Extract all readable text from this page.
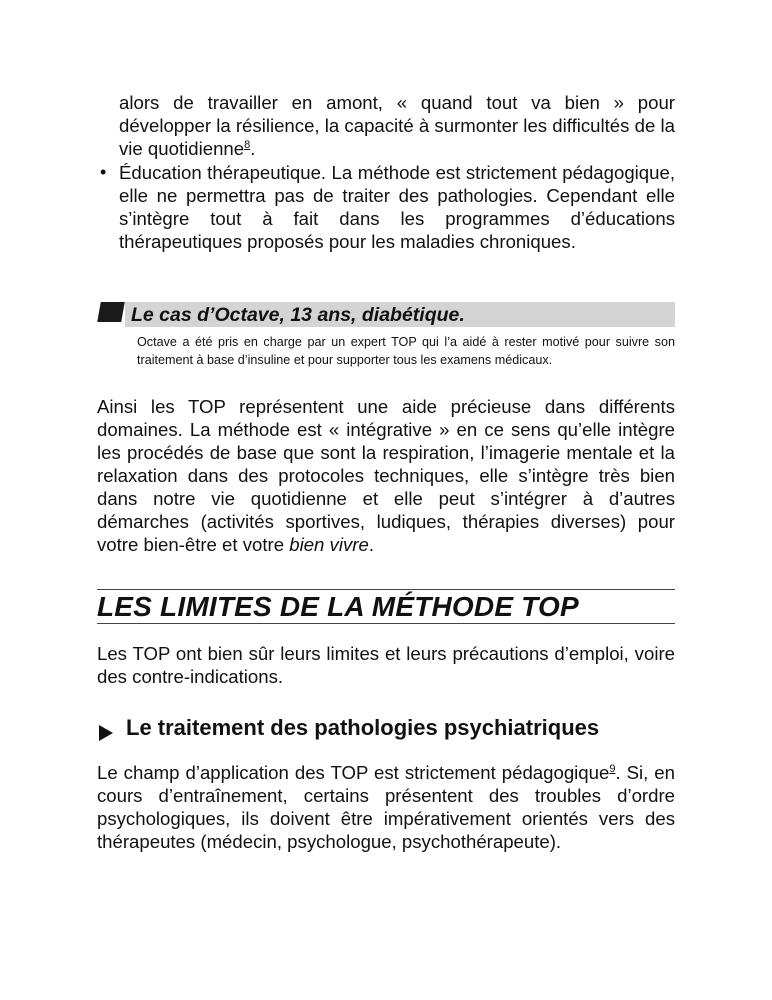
alors de travailler en amont, « quand tout va bien » pour développer la résilience, la capacité à surmonter les difficultés de la vie quotidienne$^8$.

• Éducation thérapeutique. La méthode est strictement pédagogique, elle ne permettra pas de traiter des pathologies. Cependant elle s’intègre tout à fait dans les programmes d’éducations thérapeutiques proposés pour les maladies chroniques.
Le cas d’Octave, 13 ans, diabétique.

Octave a été pris en charge par un expert TOP qui l’a aidé à rester motivé pour suivre son traitement à base d’insuline et pour supporter tous les examens médicaux.

Ainsi les TOP représentent une aide précieuse dans différents domaines. La méthode est « intégrative » en ce sens qu’elle intègre les procédés de base que sont la respiration, l’imagerie mentale et la relaxation dans des protocoles techniques, elle s’intègre très bien dans notre vie quotidienne et elle peut s’intégrer à d’autres démarches (activités sportives, ludiques, thérapies diverses) pour votre bien-être et votre bien vivre.

LES LIMITES DE LA MÉTHODE TOP

Les TOP ont bien sûr leurs limites et leurs précautions d’emploi, voire des contre-indications.

Le traitement des pathologies psychiatriques

Le champ d’application des TOP est strictement pédagogique$^9$. Si, en cours d’entraînement, certains présentent des troubles d’ordre psychologiques, ils doivent être impérativement orientés vers des thérapeutes (médecin, psychologue, psychothérapeute).
